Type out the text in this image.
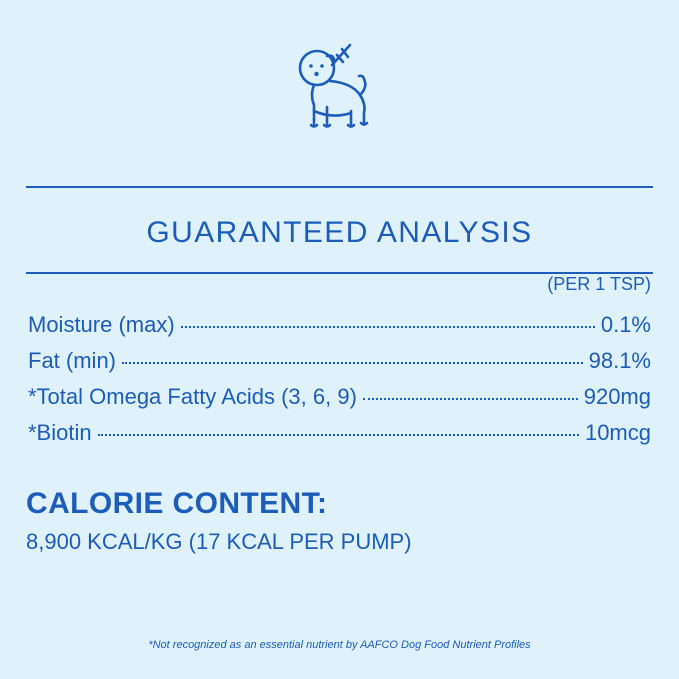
GUARANTEED ANALYSIS
(PER 1 TSP)
Moisture (max)	0.1%
Fat (min)	98.1%
*Total Omega Fatty Acids (3, 6, 9)	920mg
*Biotin	10mcg
CALORIE CONTENT:
8,900 KCAL/KG (17 KCAL PER PUMP)
*Not recognized as an essential nutrient by AAFCO Dog Food Nutrient Profiles
